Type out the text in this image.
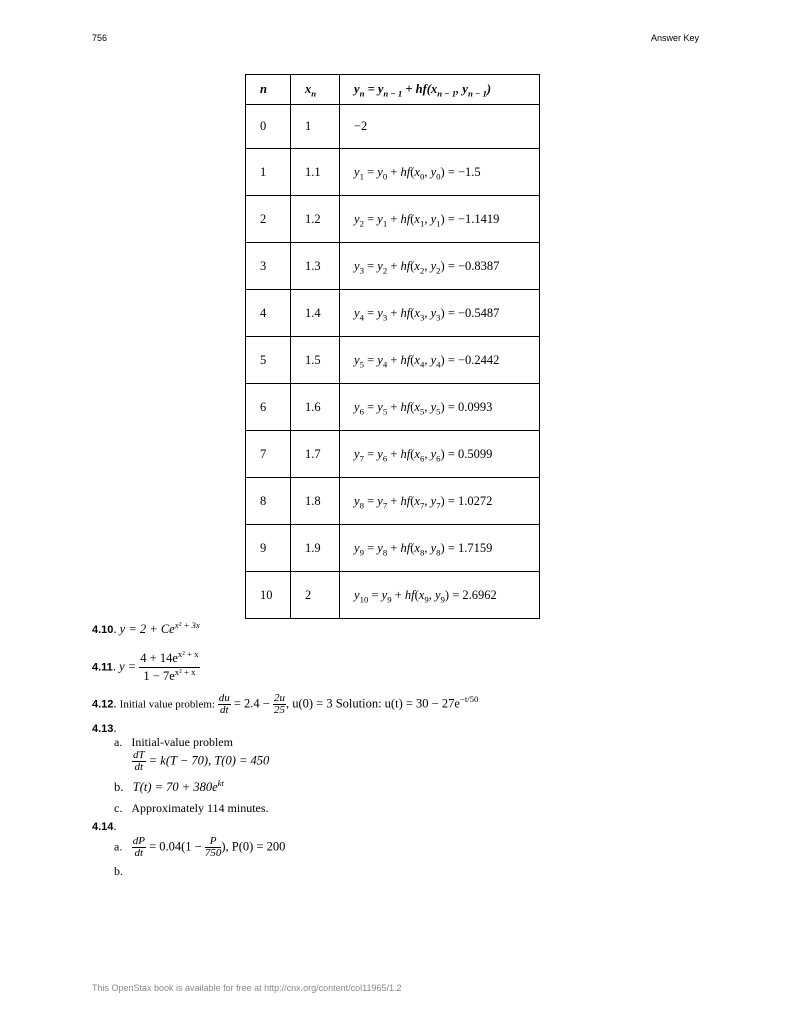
756	Answer Key
n	$x_n$	$y_n = y_{n - 1} + hf(x_{n - 1}$, $y_{n - 1}$)
0	1	−2
1	1.1	$y_1 = y_0 + hf(x_0$, $y_0) = -1.5$
2	1.2	$y_2 = y_1 + hf(x_1$, $y_1) = -1.1419$
3	1.3	$y_3 = y_2 + hf(x_2$, $y_2) = -0.8387$
4	1.4	$y_4 = y_3 + hf(x_3$, $y_3) = -0.5487$
5	1.5	$y_5 = y_4 + hf(x_4$, $y_4) = -0.2442$
6	1.6	$y_6 = y_5 + hf(x_5$, $y_5) = 0.0993$
7	1.7	$y_7 = y_6 + hf(x_6$, $y_6) = 0.5099$
8	1.8	$y_8 = y_7 + hf(x_7$, $y_7) = 1.0272$
9	1.9	$y_9 = y_8 + hf(x_8$, $y_8) = 1.7159$
10	2	$y_{10} = y_9 + hf(x_9$, $y_9) = 2.6962$
4.10. $y = 2 + Ce^{x^2 + 3x}$
4.11. $y = \frac{4 + 14e^{x^2 + x}}{1 - 7e^{x^2 + x}}$
4.12. Initial value problem: $\frac{du}{dt} = 2.4 - \frac{2u}{25}$ , u(0) = 3 Solution: $u(t) = 30 - 27e^{-t/50}$
4.13.
a. Initial-value problem
$\frac{dT}{dt} = k(T - 70)$, T(0) = 450
b. $T(t) = 70 + 380e^{kt}$
c. Approximately 114 minutes.
4.14.
a. $\frac{dP}{dt} = 0.04(1 - \frac{P}{750}$ ), P(0) = 200
b.
This OpenStax book is available for free at http://cnx.org/content/col11965/1.2
